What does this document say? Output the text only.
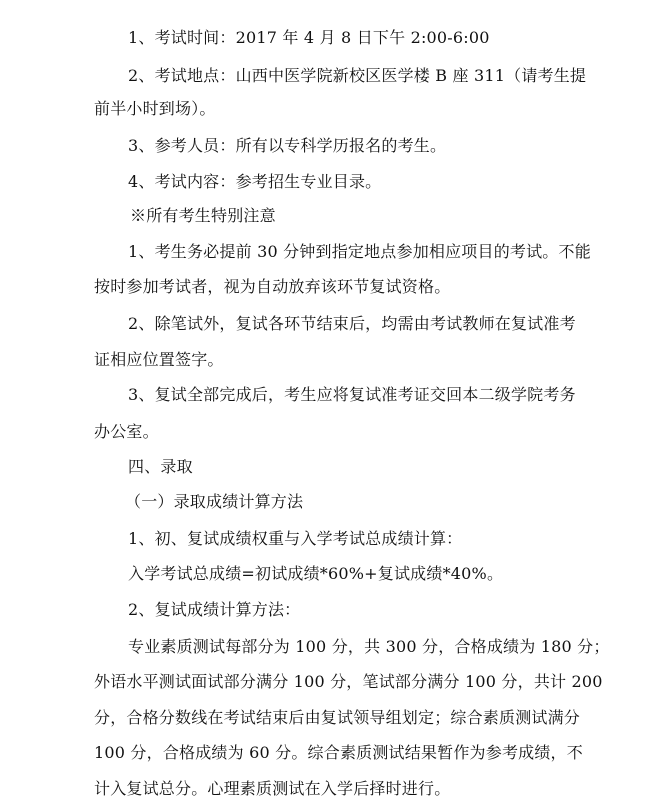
1、考试时间：2017 年 4 月 8 日下午 2:00-6:00
2、考试地点：山西中医学院新校区医学楼 B 座 311（请考生提
前半小时到场）。
3、参考人员：所有以专科学历报名的考生。
4、考试内容：参考招生专业目录。
※所有考生特别注意
1、考生务必提前 30 分钟到指定地点参加相应项目的考试。不能
按时参加考试者，视为自动放弃该环节复试资格。
2、除笔试外，复试各环节结束后，均需由考试教师在复试准考
证相应位置签字。
3、复试全部完成后，考生应将复试准考证交回本二级学院考务
办公室。
四、录取
（一）录取成绩计算方法
1、初、复试成绩权重与入学考试总成绩计算：
入学考试总成绩=初试成绩*60%+复试成绩*40%。
2、复试成绩计算方法：
专业素质测试每部分为 100 分，共 300 分，合格成绩为 180 分；
外语水平测试面试部分满分 100 分，笔试部分满分 100 分，共计 200
分，合格分数线在考试结束后由复试领导组划定；综合素质测试满分
100 分，合格成绩为 60 分。综合素质测试结果暂作为参考成绩，不
计入复试总分。心理素质测试在入学后择时进行。
